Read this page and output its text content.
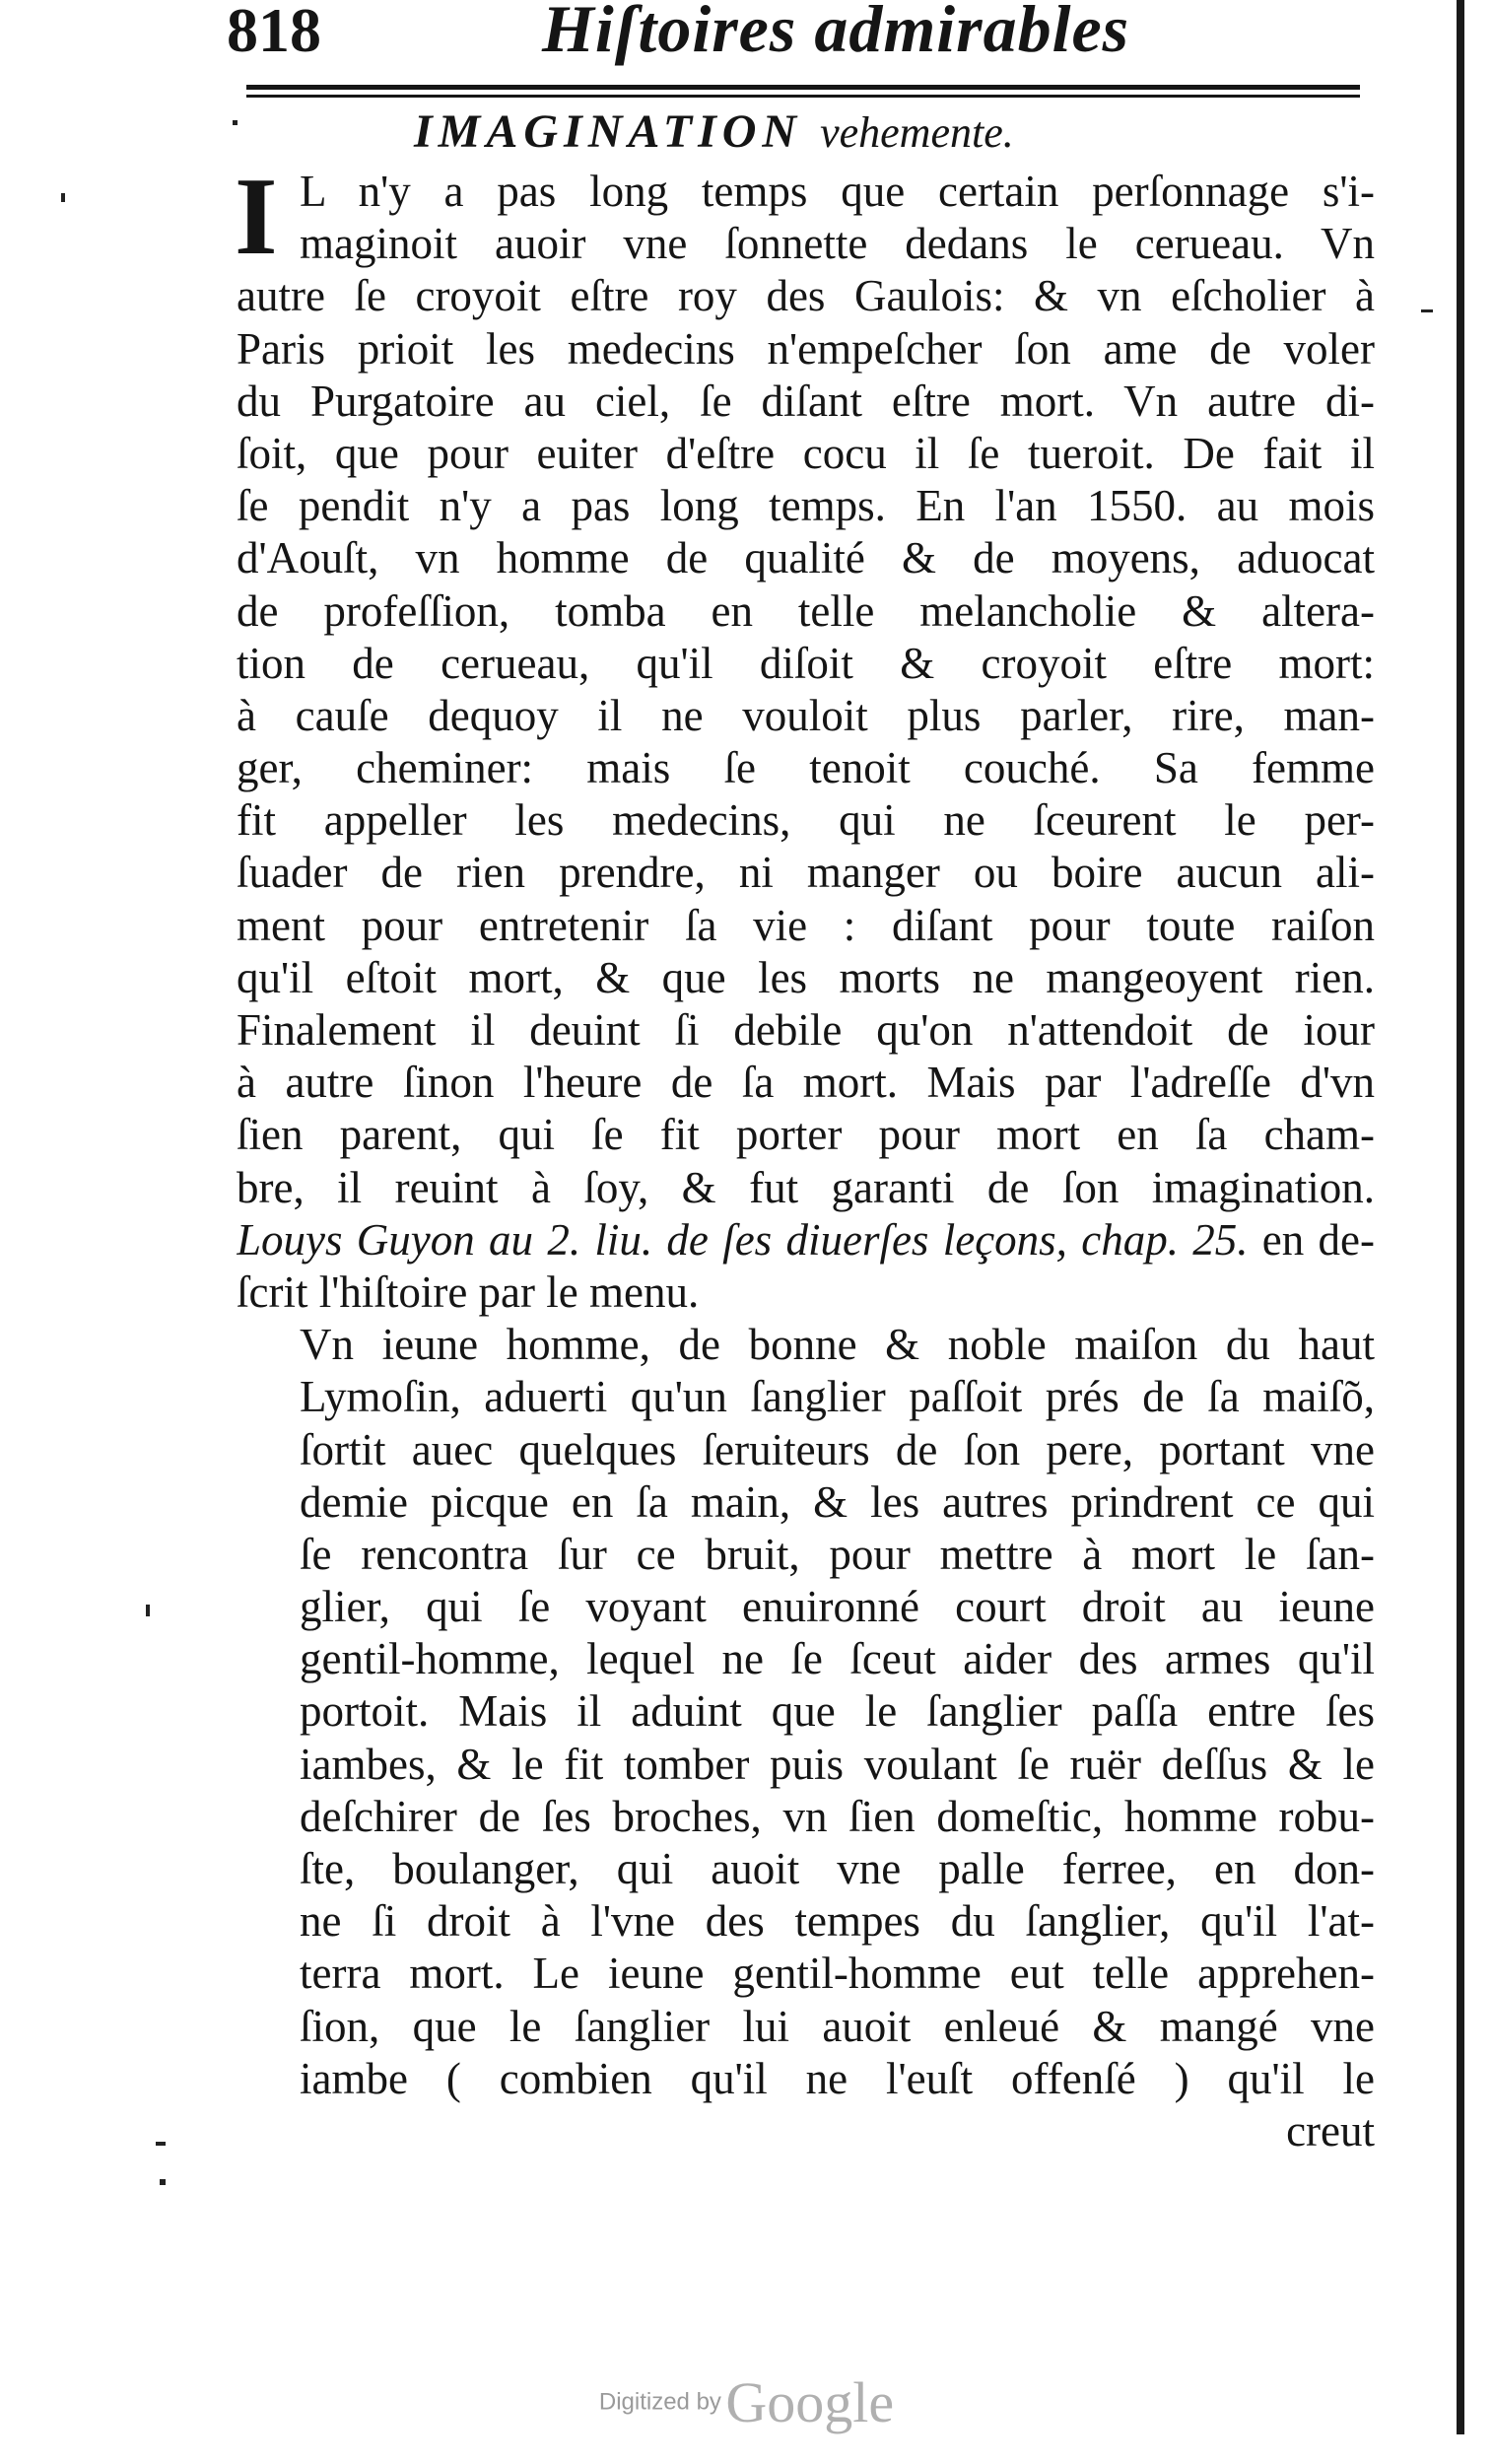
818	Hiſtoires admirables
IMAGINATION vehemente.
I L n'y a pas long temps que certain perſonnage s'i-
maginoit auoir vne ſonnette dedans le cerueau. Vn
autre ſe croyoit eſtre roy des Gaulois: & vn eſcholier à
Paris prioit les medecins n'empeſcher ſon ame de voler
du Purgatoire au ciel, ſe diſant eſtre mort. Vn autre di-
ſoit, que pour euiter d'eſtre cocu il ſe tueroit. De fait il
ſe pendit n'y a pas long temps. En l'an 1550. au mois
d'Aouſt, vn homme de qualité & de moyens, aduocat
de profeſſion, tomba en telle melancholie & altera-
tion de cerueau, qu'il diſoit & croyoit eſtre mort:
à cauſe dequoy il ne vouloit plus parler, rire, man-
ger, cheminer: mais ſe tenoit couché. Sa femme
fit appeller les medecins, qui ne ſceurent le per-
ſuader de rien prendre, ni manger ou boire aucun ali-
ment pour entretenir ſa vie : diſant pour toute raiſon
qu'il eſtoit mort, & que les morts ne mangeoyent rien.
Finalement il deuint ſi debile qu'on n'attendoit de iour
à autre ſinon l'heure de ſa mort. Mais par l'adreſſe d'vn
ſien parent, qui ſe fit porter pour mort en ſa cham-
bre, il reuint à ſoy, & fut garanti de ſon imagination.
Louys Guyon au 2. liu. de ſes diuerſes leçons, chap. 25. en de-
ſcrit l'hiſtoire par le menu.
Vn ieune homme, de bonne & noble maiſon du haut
Lymoſin, aduerti qu'un ſanglier paſſoit prés de ſa maiſõ,
ſortit auec quelques ſeruiteurs de ſon pere, portant vne
demie picque en ſa main, & les autres prindrent ce qui
ſe rencontra ſur ce bruit, pour mettre à mort le ſan-
glier, qui ſe voyant enuironné court droit au ieune
gentil-homme, lequel ne ſe ſceut aider des armes qu'il
portoit. Mais il aduint que le ſanglier paſſa entre ſes
iambes, & le fit tomber puis voulant ſe ruër deſſus & le
deſchirer de ſes broches, vn ſien domeſtic, homme robu-
ſte, boulanger, qui auoit vne palle ferree, en don-
ne ſi droit à l'vne des tempes du ſanglier, qu'il l'at-
terra mort. Le ieune gentil-homme eut telle apprehen-
ſion, que le ſanglier lui auoit enleué & mangé vne
iambe ( combien qu'il ne l'euſt offenſé ) qu'il le
creut
Digitized by Google
